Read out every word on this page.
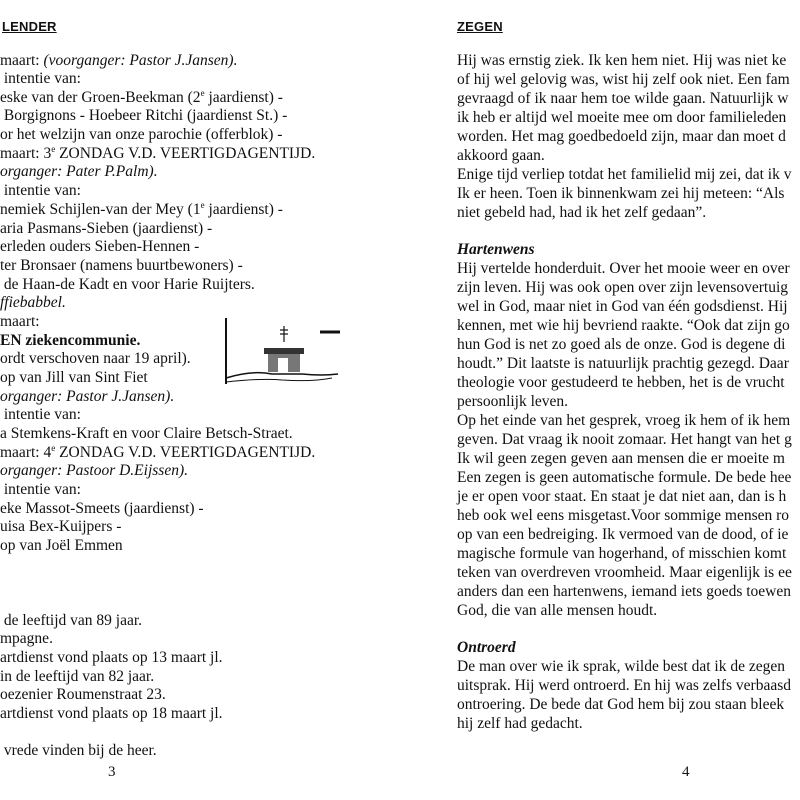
LENDER
maart: (voorganger: Pastor J.Jansen).
intentie van:
eske van der Groen-Beekman (2e jaardienst) -
Borgignons - Hoebeer Ritchi (jaardienst St.) -
or het welzijn van onze parochie (offerblok) -
maart: 3e ZONDAG V.D. VEERTIGDAGENTIJD.
organger: Pater P.Palm).
intentie van:
nemiek Schijlen-van der Mey (1e jaardienst) -
aria Pasmans-Sieben (jaardienst) -
erleden ouders Sieben-Hennen -
ter Bronsaer (namens buurtbewoners) -
de Haan-de Kadt en voor Harie Ruijters.
ffiebabbel.
maart:
EN ziekencommunie.
ordt verschoven naar 19 april).
op van Jill van Sint Fiet
organger: Pastor J.Jansen).
intentie van:
a Stemkens-Kraft en voor Claire Betsch-Straet.
maart: 4e ZONDAG V.D. VEERTIGDAGENTIJD.
organger: Pastoor D.Eijssen).
intentie van:
eke Massot-Smeets (jaardienst) -
uisa Bex-Kuijpers -
op van Joël Emmen
de leeftijd van 89 jaar.
mpagne.
artdienst vond plaats op 13 maart jl.
in de leeftijd van 82 jaar.
oezenier Roumenstraat 23.
artdienst vond plaats op 18 maart jl.
vrede vinden bij de heer.
3
ZEGEN
Hij was ernstig ziek. Ik ken hem niet. Hij was niet ke
of hij wel gelovig was, wist hij zelf ook niet. Een fam
gevraagd of ik naar hem toe wilde gaan. Natuurlijk w
ik heb er altijd wel moeite mee om door familieleden
worden. Het mag goedbedoeld zijn, maar dan moet d
akkoord gaan.
Enige tijd verliep totdat het familielid mij zei, dat ik v
Ik er heen. Toen ik binnenkwam zei hij meteen: “Als
niet gebeld had, had ik het zelf gedaan”.
Hartenwens
Hij vertelde honderduit. Over het mooie weer en over
zijn leven. Hij was ook open over zijn levensovertuig
wel in God, maar niet in God van één godsdienst. Hij
kennen, met wie hij bevriend raakte. “Ook dat zijn go
hun God is net zo goed als de onze. God is degene di
houdt.” Dit laatste is natuurlijk prachtig gezegd. Daar
theologie voor gestudeerd te hebben, het is de vrucht
persoonlijk leven.
Op het einde van het gesprek, vroeg ik hem of ik hem
geven. Dat vraag ik nooit zomaar. Het hangt van het g
Ik wil geen zegen geven aan mensen die er moeite m
Een zegen is geen automatische formule. De bede hee
je er open voor staat. En staat je dat niet aan, dan is h
heb ook wel eens misgetast.Voor sommige mensen ro
op van een bedreiging. Ik vermoed van de dood, of ie
magische formule van hogerhand, of misschien komt
teken van overdreven vroomheid. Maar eigenlijk is ee
anders dan een hartenwens, iemand iets goeds toewen
God, die van alle mensen houdt.
Ontroerd
De man over wie ik sprak, wilde best dat ik de zegen
uitsprak. Hij werd ontroerd. En hij was zelfs verbaasd
ontroering. De bede dat God hem bij zou staan bleek
hij zelf had gedacht.
4
